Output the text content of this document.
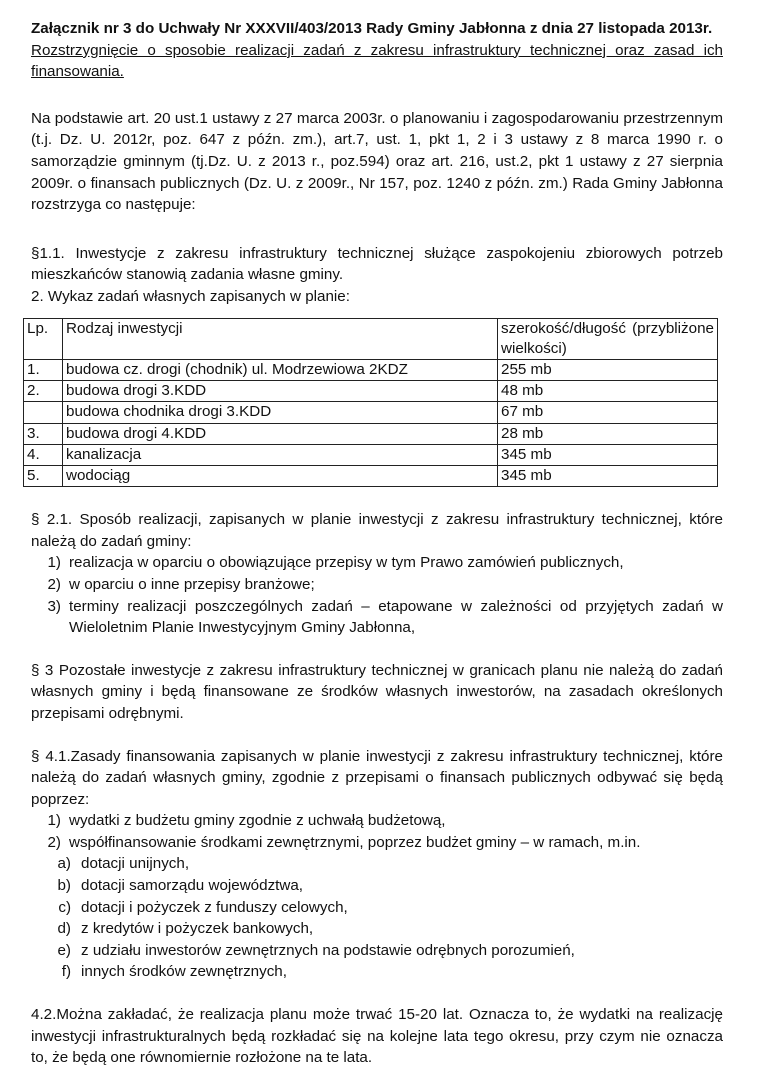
Załącznik nr 3 do Uchwały Nr XXXVII/403/2013 Rady Gminy Jabłonna z dnia 27 listopada 2013r.
Rozstrzygnięcie o sposobie realizacji zadań z zakresu infrastruktury technicznej oraz zasad ich finansowania.
Na podstawie art. 20 ust.1 ustawy z 27 marca 2003r. o planowaniu i zagospodarowaniu przestrzennym (t.j. Dz. U. 2012r, poz. 647 z późn. zm.), art.7, ust. 1, pkt 1, 2 i 3 ustawy z 8 marca 1990 r. o samorządzie gminnym (tj.Dz. U. z 2013 r., poz.594) oraz art. 216, ust.2, pkt 1 ustawy z 27 sierpnia 2009r. o finansach publicznych (Dz. U. z 2009r., Nr 157, poz. 1240 z późn. zm.) Rada Gminy Jabłonna rozstrzyga co następuje:
§1.1. Inwestycje z zakresu infrastruktury technicznej służące zaspokojeniu zbiorowych potrzeb mieszkańców stanowią zadania własne gminy.
2. Wykaz zadań własnych zapisanych w planie:
Lp.	Rodzaj inwestycji	szerokość/długość (przybliżone
wielkości)

1.	budowa cz. drogi (chodnik) ul. Modrzewiowa 2KDZ	255 mb
2.	budowa drogi 3.KDD	48 mb
	budowa chodnika drogi 3.KDD	67 mb
3.	budowa drogi 4.KDD	28 mb
4.	kanalizacja	345 mb
5.	wodociąg	345 mb
§ 2.1. Sposób realizacji, zapisanych w planie inwestycji z zakresu infrastruktury technicznej, które należą do zadań gminy:
1) realizacja w oparciu o obowiązujące przepisy w tym Prawo zamówień publicznych,
2) w oparciu o inne przepisy branżowe;
3) terminy realizacji poszczególnych zadań – etapowane w zależności od przyjętych zadań w Wieloletnim Planie Inwestycyjnym Gminy Jabłonna,
§ 3 Pozostałe inwestycje z zakresu infrastruktury technicznej w granicach planu nie należą do zadań własnych gminy i będą finansowane ze środków własnych inwestorów, na zasadach określonych przepisami odrębnymi.
§ 4.1.Zasady finansowania zapisanych w planie inwestycji z zakresu infrastruktury technicznej, które należą do zadań własnych gminy, zgodnie z przepisami o finansach publicznych odbywać się będą poprzez:
1) wydatki z budżetu gminy zgodnie z uchwałą budżetową,
2) współfinansowanie środkami zewnętrznymi, poprzez budżet gminy – w ramach, m.in.
a) dotacji unijnych,
b) dotacji samorządu województwa,
c) dotacji i pożyczek z funduszy celowych,
d) z kredytów i pożyczek bankowych,
e) z udziału inwestorów zewnętrznych na podstawie odrębnych porozumień,
f) innych środków zewnętrznych,
4.2.Można zakładać, że realizacja planu może trwać 15-20 lat. Oznacza to, że wydatki na realizację inwestycji infrastrukturalnych będą rozkładać się na kolejne lata tego okresu, przy czym nie oznacza to, że będą one równomiernie rozłożone na te lata.
